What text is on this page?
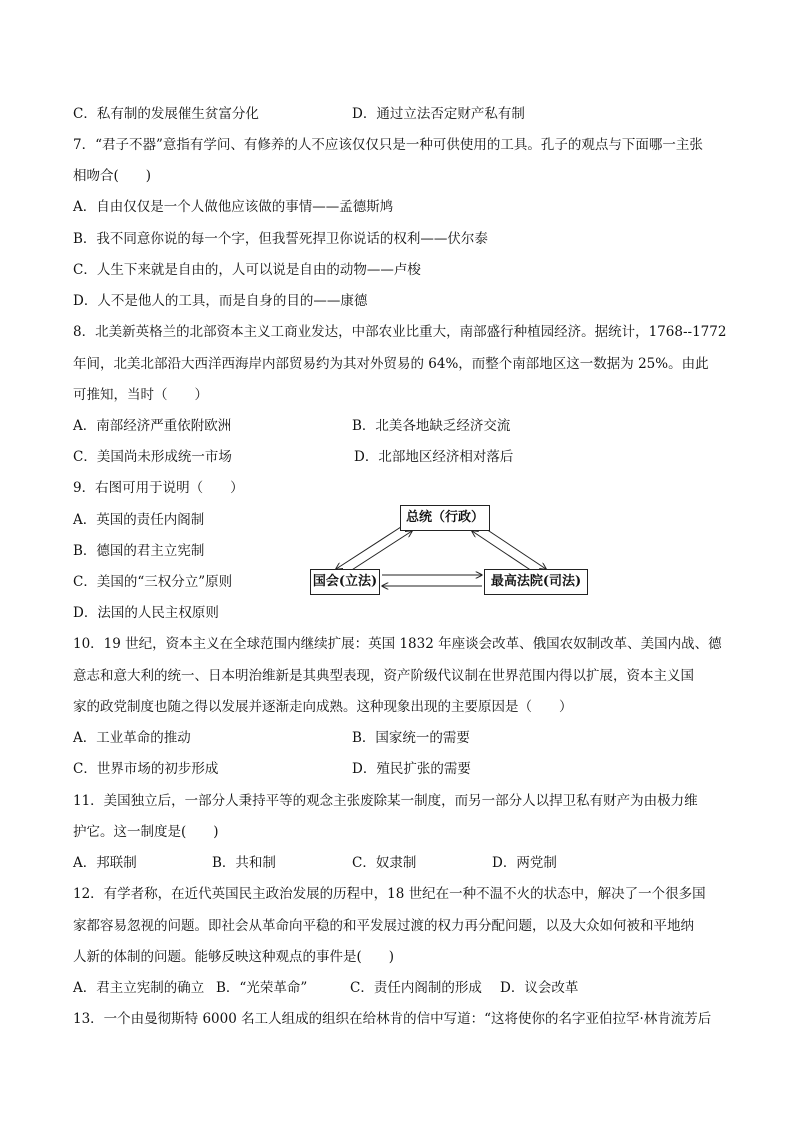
C．私有制的发展催生贫富分化	D．通过立法否定财产私有制
7．“君子不器”意指有学问、有修养的人不应该仅仅只是一种可供使用的工具。孔子的观点与下面哪一主张
相吻合(　　)
A．自由仅仅是一个人做他应该做的事情——孟德斯鸠
B．我不同意你说的每一个字，但我誓死捍卫你说话的权利——伏尔泰
C．人生下来就是自由的，人可以说是自由的动物——卢梭
D．人不是他人的工具，而是自身的目的——康德
8．北美新英格兰的北部资本主义工商业发达，中部农业比重大，南部盛行种植园经济。据统计，1768--1772
年间，北美北部沿大西洋西海岸内部贸易约为其对外贸易的 64%，而整个南部地区这一数据为 25%。由此
可推知，当时（　　）
A．南部经济严重依附欧洲	B．北美各地缺乏经济交流
C．美国尚未形成统一市场	D．北部地区经济相对落后
9．右图可用于说明（　　）
A．英国的责任内阁制
B．德国的君主立宪制
C．美国的“三权分立”原则
D．法国的人民主权原则
总统（行政）
国会(立法)	最高法院(司法)
10．19 世纪，资本主义在全球范围内继续扩展：英国 1832 年座谈会改革、俄国农奴制改革、美国内战、德
意志和意大利的统一、日本明治维新是其典型表现，资产阶级代议制在世界范围内得以扩展，资本主义国
家的政党制度也随之得以发展并逐渐走向成熟。这种现象出现的主要原因是（　　）
A．工业革命的推动	B．国家统一的需要
C．世界市场的初步形成	D．殖民扩张的需要
11．美国独立后，一部分人秉持平等的观念主张废除某一制度，而另一部分人以捍卫私有财产为由极力维
护它。这一制度是(　　)
A．邦联制	B．共和制	C．奴隶制	D．两党制
12．有学者称，在近代英国民主政治发展的历程中，18 世纪在一种不温不火的状态中，解决了一个很多国
家都容易忽视的问题。即社会从革命向平稳的和平发展过渡的权力再分配问题，以及大众如何被和平地纳
人新的体制的问题。能够反映这种观点的事件是(　　)
A．君主立宪制的确立 B．“光荣革命”	C．责任内阁制的形成 D．议会改革
13．一个由曼彻斯特 6000 名工人组成的组织在给林肯的信中写道：“这将使你的名字亚伯拉罕·林肯流芳后
